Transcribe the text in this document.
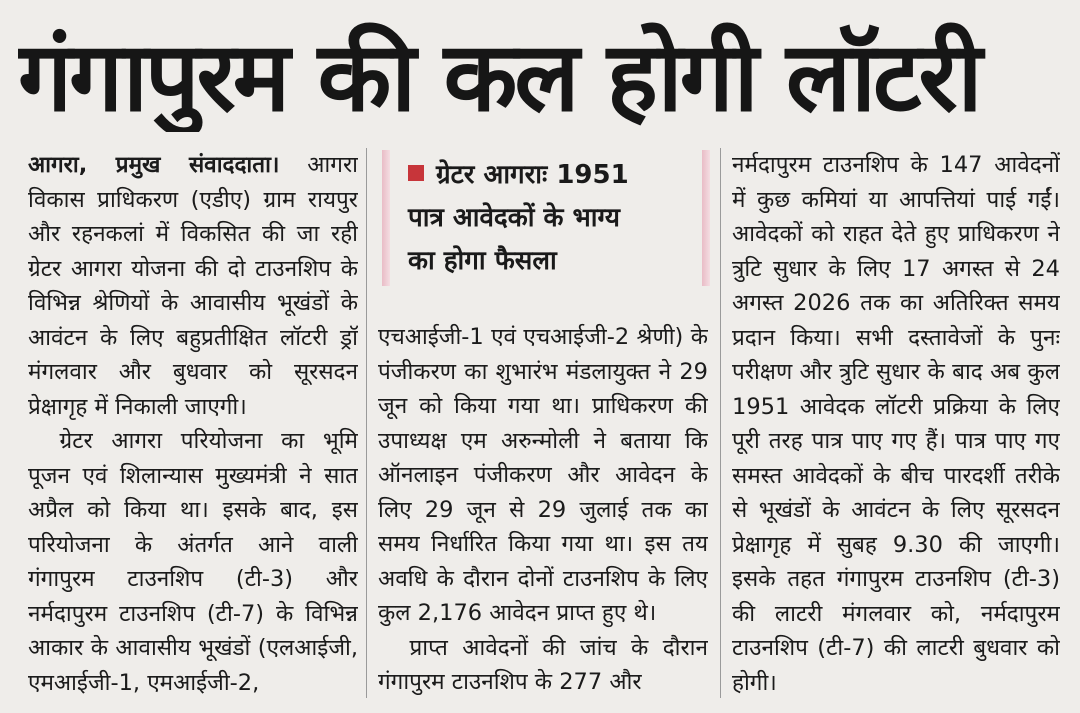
गंगापुरम की कल होगी लॉटरी

आगरा, प्रमुख संवाददाता। आगरा विकास प्राधिकरण (एडीए) ग्राम रायपुर और रहनकलां में विकसित की जा रही ग्रेटर आगरा योजना की दो टाउनशिप के विभिन्न श्रेणियों के आवासीय भूखंडों के आवंटन के लिए बहुप्रतीक्षित लॉटरी ड्रॉ मंगलवार और बुधवार को सूरसदन प्रेक्षागृह में निकाली जाएगी।

ग्रेटर आगरा परियोजना का भूमि पूजन एवं शिलान्यास मुख्यमंत्री ने सात अप्रैल को किया था। इसके बाद, इस परियोजना के अंतर्गत आने वाली गंगापुरम टाउनशिप (टी-3) और नर्मदापुरम टाउनशिप (टी-7) के विभिन्न आकार के आवासीय भूखंडों (एलआईजी, एमआईजी-1, एमआईजी-2,

ग्रेटर आगराः 1951
पात्र आवेदकों के भाग्य
का होगा फैसला

एचआईजी-1 एवं एचआईजी-2 श्रेणी) के पंजीकरण का शुभारंभ मंडलायुक्त ने 29 जून को किया गया था। प्राधिकरण की उपाध्यक्ष एम अरुन्मोली ने बताया कि ऑनलाइन पंजीकरण और आवेदन के लिए 29 जून से 29 जुलाई तक का समय निर्धारित किया गया था। इस तय अवधि के दौरान दोनों टाउनशिप के लिए कुल 2,176 आवेदन प्राप्त हुए थे।

प्राप्त आवेदनों की जांच के दौरान गंगापुरम टाउनशिप के 277 और

नर्मदापुरम टाउनशिप के 147 आवेदनों में कुछ कमियां या आपत्तियां पाई गईं। आवेदकों को राहत देते हुए प्राधिकरण ने त्रुटि सुधार के लिए 17 अगस्त से 24 अगस्त 2026 तक का अतिरिक्त समय प्रदान किया। सभी दस्तावेजों के पुनः परीक्षण और त्रुटि सुधार के बाद अब कुल 1951 आवेदक लॉटरी प्रक्रिया के लिए पूरी तरह पात्र पाए गए हैं। पात्र पाए गए समस्त आवेदकों के बीच पारदर्शी तरीके से भूखंडों के आवंटन के लिए सूरसदन प्रेक्षागृह में सुबह 9.30 की जाएगी। इसके तहत गंगापुरम टाउनशिप (टी-3) की लाटरी मंगलवार को, नर्मदापुरम टाउनशिप (टी-7) की लाटरी बुधवार को होगी।
